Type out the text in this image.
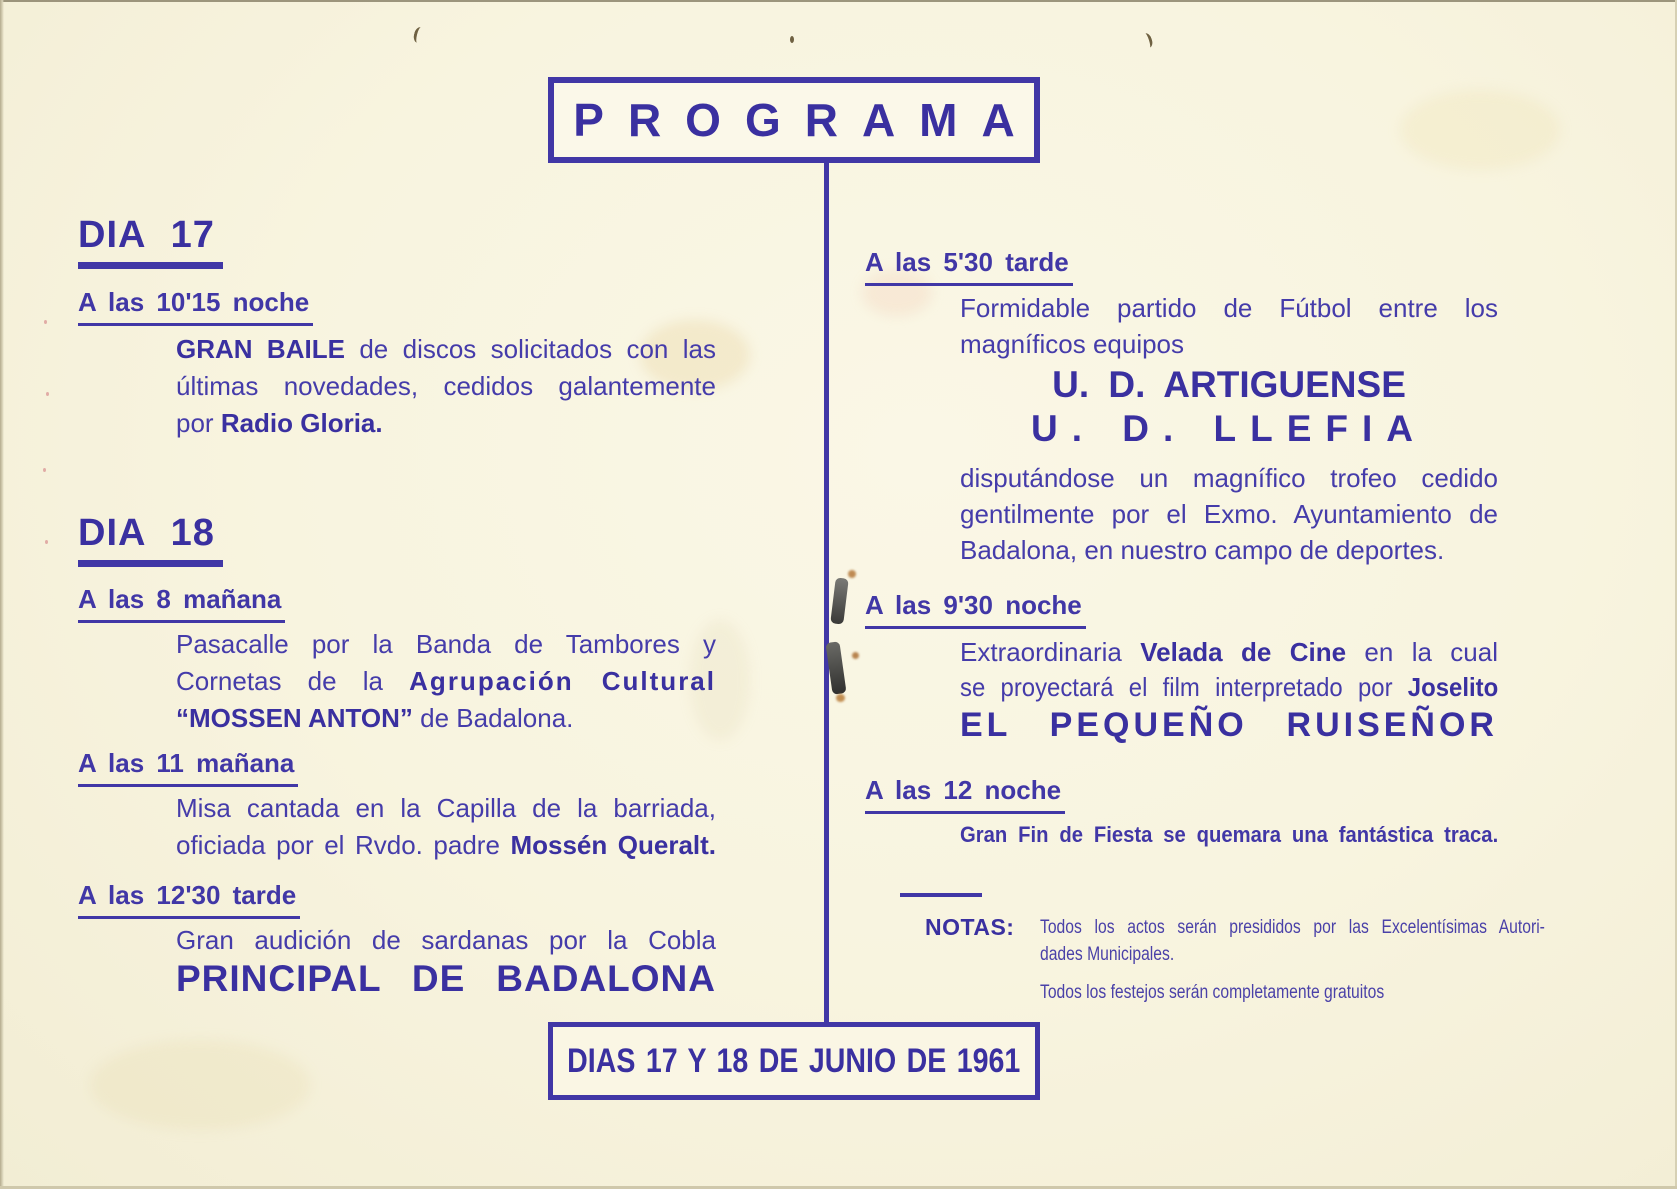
PROGRAMA
DIA 17
A las 10'15 noche
GRAN BAILE de discos solicitados con las
últimas novedades, cedidos galantemente
por Radio Gloria.
DIA 18
A las 8 mañana
Pasacalle por la Banda de Tambores y
Cornetas de la Agrupación Cultural
“MOSSEN ANTON” de Badalona.
A las 11 mañana
Misa cantada en la Capilla de la barriada,
oficiada por el Rvdo. padre Mossén Queralt.
A las 12'30 tarde
Gran audición de sardanas por la Cobla
PRINCIPAL DE BADALONA
A las 5'30 tarde
Formidable partido de Fútbol entre los
magníficos equipos
U. D. ARTIGUENSE
U. D. LLEFIA
disputándose un magnífico trofeo cedido
gentilmente por el Exmo. Ayuntamiento de
Badalona, en nuestro campo de deportes.
A las 9'30 noche
Extraordinaria Velada de Cine en la cual
se proyectará el film interpretado por Joselito
EL PEQUEÑO RUISEÑOR
A las 12 noche
Gran Fin de Fiesta se quemara una fantástica traca.
NOTAS: Todos los actos serán presididos por las Excelentísimas Autori-
dades Municipales.
Todos los festejos serán completamente gratuitos
DIAS 17 Y 18 DE JUNIO DE 1961
